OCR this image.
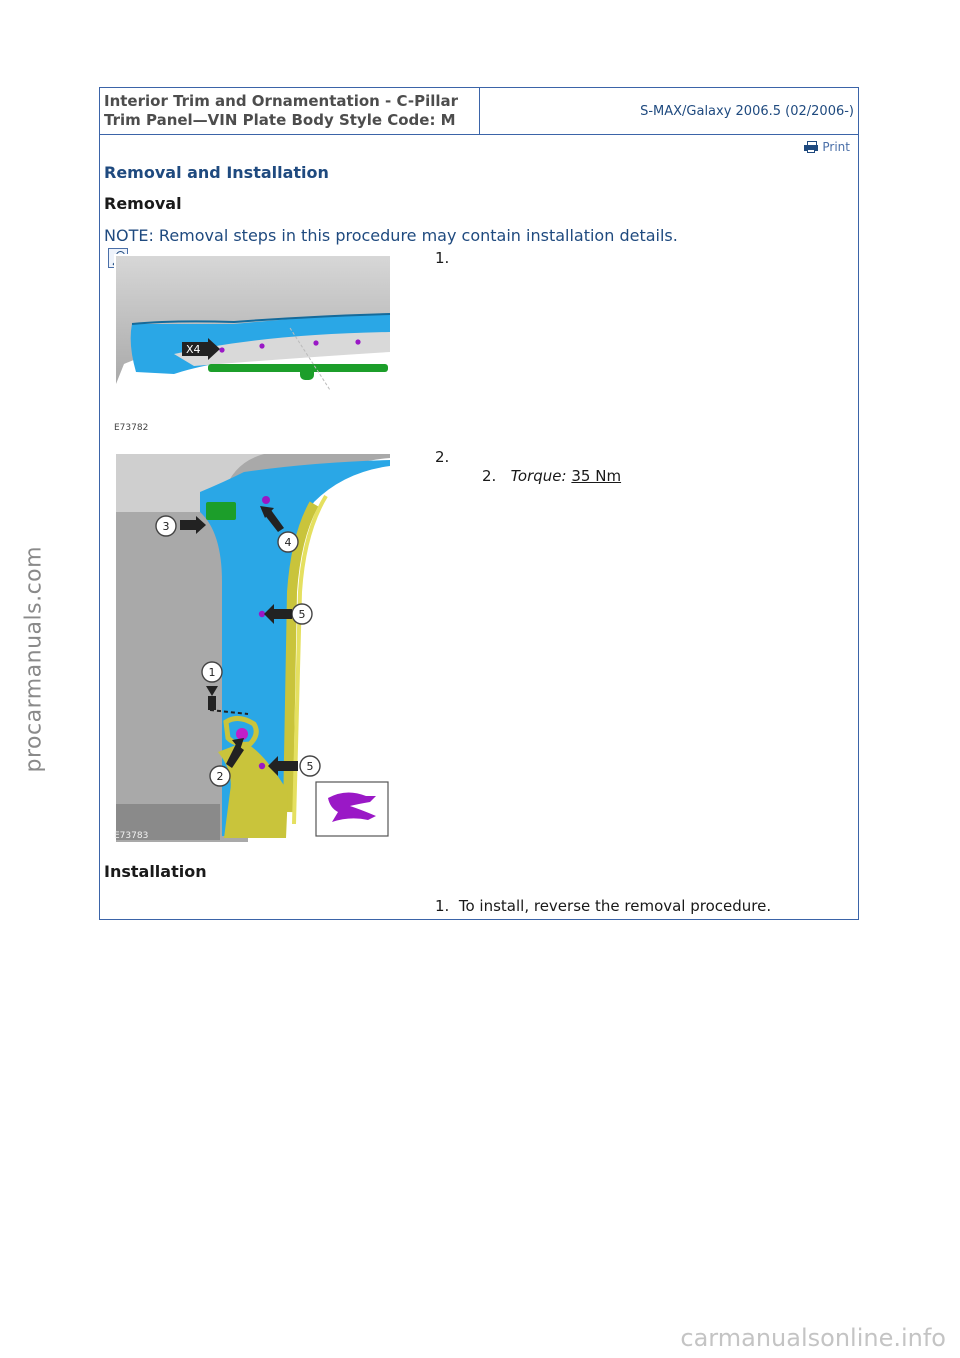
procarmanuals.com
carmanualsonline.info
Interior Trim and Ornamentation - C-Pillar
Trim Panel—VIN Plate Body Style Code: M	S-MAX/Galaxy 2006.5 (02/2006-)
Print
Removal and Installation
Removal
NOTE: Removal steps in this procedure may contain installation details.
X4
E73782
1.
3
4
5
1
2
5
E73783
2.
2. Torque: 35 Nm
Installation
1. To install, reverse the removal procedure.
